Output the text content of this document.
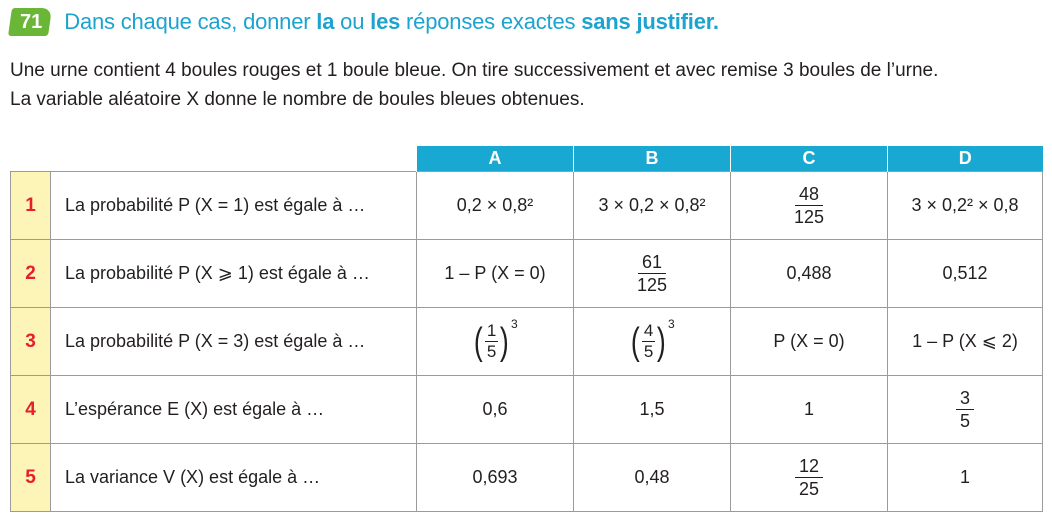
71	Dans chaque cas, donner la ou les réponses exactes sans justifier.
Une urne contient 4 boules rouges et 1 boule bleue. On tire successivement et avec remise 3 boules de l’urne.
La variable aléatoire X donne le nombre de boules bleues obtenues.
		A	B	C	D
1	La probabilité P (X = 1) est égale à …	0,2 × 0,8²	3 × 0,2 × 0,8²	$\frac{48}{125}$	3 × 0,2² × 0,8
2	La probabilité P (X ⩾ 1) est égale à …	1 – P (X = 0)	$\frac{61}{125}$	0,488	0,512
3	La probabilité P (X = 3) est égale à …	( $\frac{1}{5} )^3$	( $\frac{4}{5} )^3$	P (X = 0)	1 – P (X ⩽ 2)
4	L’espérance E (X) est égale à …	0,6	1,5	1	$\frac{3}{5}$

5	La variance V (X) est égale à …	0,693	0,48	$\frac{12}{25}$	1
